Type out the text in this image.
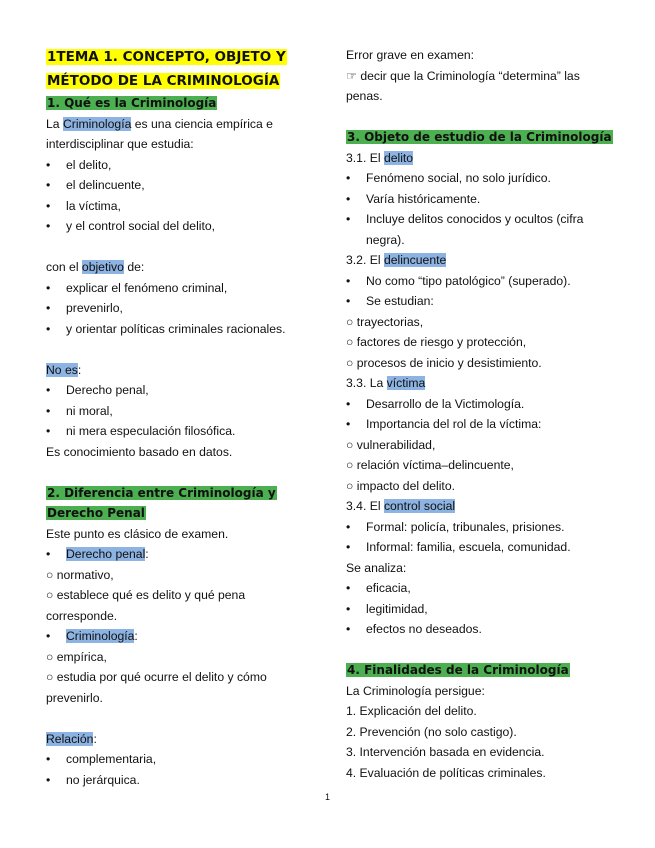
1TEMA 1. CONCEPTO, OBJETO Y
MÉTODO DE LA CRIMINOLOGÍA
1. Qué es la Criminología
La Criminología es una ciencia empírica e interdisciplinar que estudia:
• el delito,
• el delincuente,
• la víctima,
• y el control social del delito,
con el objetivo de:
• explicar el fenómeno criminal,
• prevenirlo,
• y orientar políticas criminales racionales.
No es:
• Derecho penal,
• ni moral,
• ni mera especulación filosófica.
Es conocimiento basado en datos.
2. Diferencia entre Criminología y
Derecho Penal
Este punto es clásico de examen.
• Derecho penal:
○ normativo,
○ establece qué es delito y qué pena corresponde.
• Criminología:
○ empírica,
○ estudia por qué ocurre el delito y cómo prevenirlo.
Relación:
• complementaria,
• no jerárquica.
Error grave en examen:
☞ decir que la Criminología “determina” las penas.
3. Objeto de estudio de la Criminología
3.1. El delito
• Fenómeno social, no solo jurídico.
• Varía históricamente.
• Incluye delitos conocidos y ocultos (cifra negra).
3.2. El delincuente
• No como “tipo patológico” (superado).
• Se estudian:
○ trayectorias,
○ factores de riesgo y protección,
○ procesos de inicio y desistimiento.
3.3. La víctima
• Desarrollo de la Victimología.
• Importancia del rol de la víctima:
○ vulnerabilidad,
○ relación víctima–delincuente,
○ impacto del delito.
3.4. El control social
• Formal: policía, tribunales, prisiones.
• Informal: familia, escuela, comunidad.
Se analiza:
• eficacia,
• legitimidad,
• efectos no deseados.
4. Finalidades de la Criminología
La Criminología persigue:
1. Explicación del delito.
2. Prevención (no solo castigo).
3. Intervención basada en evidencia.
4. Evaluación de políticas criminales.
1
